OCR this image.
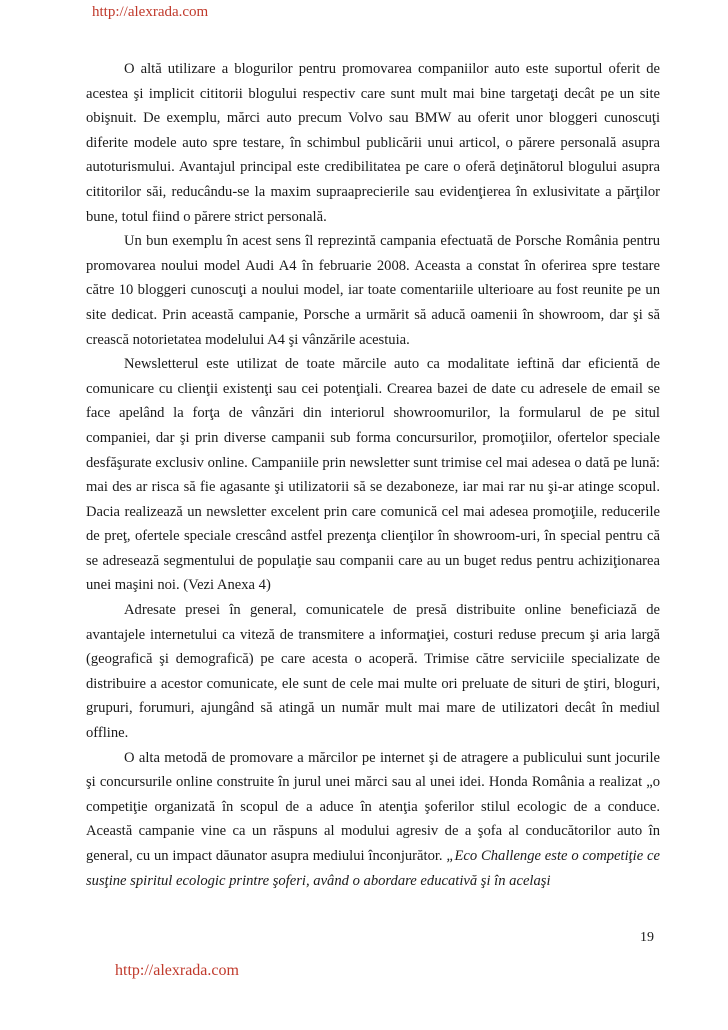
http://alexrada.com

O altă utilizare a blogurilor pentru promovarea companiilor auto este suportul oferit de acestea şi implicit cititorii blogului respectiv care sunt mult mai bine targetaţi decât pe un site obişnuit. De exemplu, mărci auto precum Volvo sau BMW au oferit unor bloggeri cunoscuţi diferite modele auto spre testare, în schimbul publicării unui articol, o părere personală asupra autoturismului. Avantajul principal este credibilitatea pe care o oferă deţinătorul blogului asupra cititorilor săi, reducându-se la maxim supraaprecierile sau evidenţierea în exlusivitate a părţilor bune, totul fiind o părere strict personală.

Un bun exemplu în acest sens îl reprezintă campania efectuată de Porsche România pentru promovarea noului model Audi A4 în februarie 2008. Aceasta a constat în oferirea spre testare către 10 bloggeri cunoscuţi a noului model, iar toate comentariile ulterioare au fost reunite pe un site dedicat. Prin această campanie, Porsche a urmărit să aducă oamenii în showroom, dar şi să crească notorietatea modelului A4 şi vânzările acestuia.

Newsletterul este utilizat de toate mărcile auto ca modalitate ieftină dar eficientă de comunicare cu clienţii existenţi sau cei potenţiali. Crearea bazei de date cu adresele de email se face apelând la forţa de vânzări din interiorul showroomurilor, la formularul de pe situl companiei, dar şi prin diverse campanii sub forma concursurilor, promoţiilor, ofertelor speciale desfăşurate exclusiv online. Campaniile prin newsletter sunt trimise cel mai adesea o dată pe lună: mai des ar risca să fie agasante şi utilizatorii să se dezaboneze, iar mai rar nu şi-ar atinge scopul. Dacia realizează un newsletter excelent prin care comunică cel mai adesea promoţiile, reducerile de preţ, ofertele speciale crescând astfel prezenţa clienţilor în showroom-uri, în special pentru că se adresează segmentului de populaţie sau companii care au un buget redus pentru achiziţionarea unei maşini noi. (Vezi Anexa 4)

Adresate presei în general, comunicatele de presă distribuite online beneficiază de avantajele internetului ca viteză de transmitere a informaţiei, costuri reduse precum şi aria largă (geografică şi demografică) pe care acesta o acoperă. Trimise către serviciile specializate de distribuire a acestor comunicate, ele sunt de cele mai multe ori preluate de situri de ştiri, bloguri, grupuri, forumuri, ajungând să atingă un număr mult mai mare de utilizatori decât în mediul offline.

O alta metodă de promovare a mărcilor pe internet şi de atragere a publicului sunt jocurile şi concursurile online construite în jurul unei mărci sau al unei idei. Honda România a realizat „o competiţie organizată în scopul de a aduce în atenţia şoferilor stilul ecologic de a conduce. Această campanie vine ca un răspuns al modului agresiv de a şofa al conducătorilor auto în general, cu un impact dăunator asupra mediului înconjurător. „Eco Challenge este o competiţie ce susţine spiritul ecologic printre şoferi, având o abordare educativă şi în acelaşi

19
http://alexrada.com
